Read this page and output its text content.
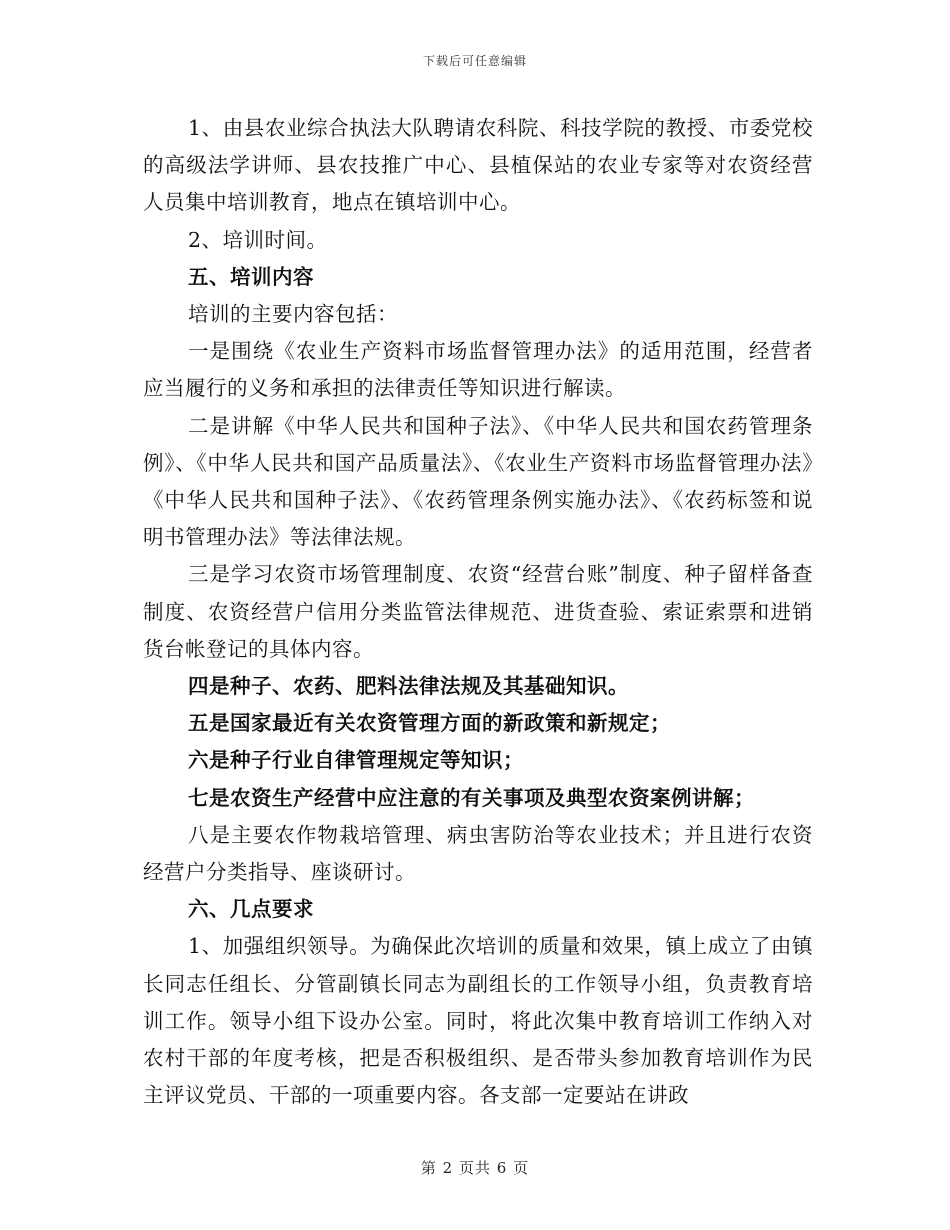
下载后可任意编辑

1、由县农业综合执法大队聘请农科院、科技学院的教授、市委党校的高级法学讲师、县农技推广中心、县植保站的农业专家等对农资经营人员集中培训教育，地点在镇培训中心。

2、培训时间。

五、培训内容

培训的主要内容包括：

一是围绕《农业生产资料市场监督管理办法》的适用范围，经营者应当履行的义务和承担的法律责任等知识进行解读。

二是讲解《中华人民共和国种子法》、《中华人民共和国农药管理条例》、《中华人民共和国产品质量法》、《农业生产资料市场监督管理办法》《中华人民共和国种子法》、《农药管理条例实施办法》、《农药标签和说明书管理办法》等法律法规。

三是学习农资市场管理制度、农资“经营台账”制度、种子留样备查制度、农资经营户信用分类监管法律规范、进货查验、索证索票和进销货台帐登记的具体内容。

四是种子、农药、肥料法律法规及其基础知识。

五是国家最近有关农资管理方面的新政策和新规定；

六是种子行业自律管理规定等知识；

七是农资生产经营中应注意的有关事项及典型农资案例讲解；

八是主要农作物栽培管理、病虫害防治等农业技术；并且进行农资经营户分类指导、座谈研讨。

六、几点要求

1、加强组织领导。为确保此次培训的质量和效果，镇上成立了由镇长同志任组长、分管副镇长同志为副组长的工作领导小组，负责教育培训工作。领导小组下设办公室。同时，将此次集中教育培训工作纳入对农村干部的年度考核，把是否积极组织、是否带头参加教育培训作为民主评议党员、干部的一项重要内容。各支部一定要站在讲政

第 2 页共 6 页
